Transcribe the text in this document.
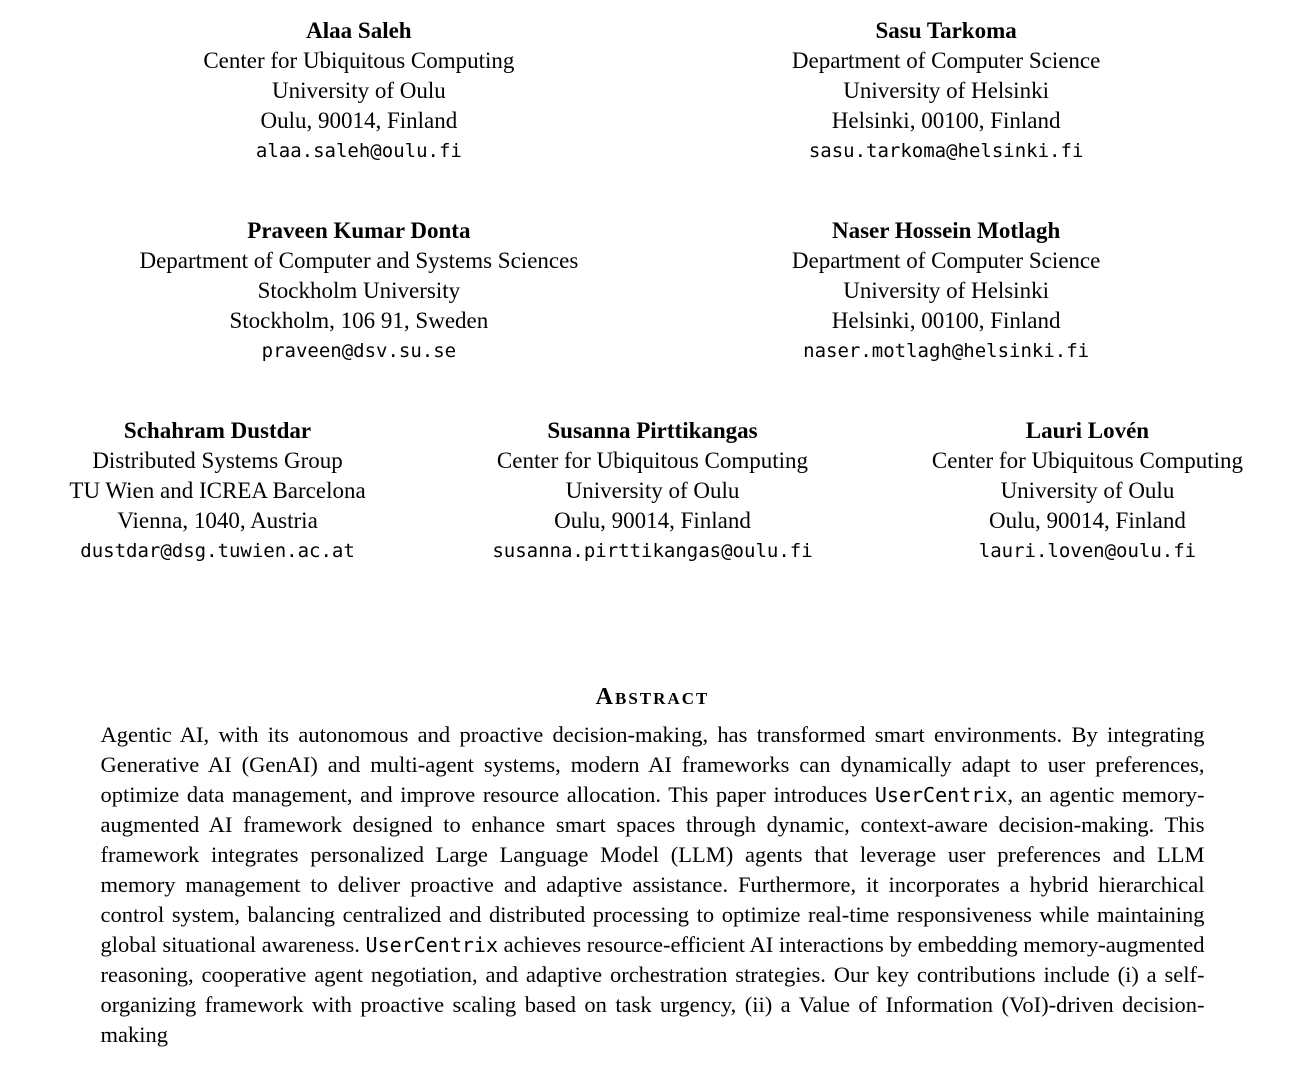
Alaa Saleh
Center for Ubiquitous Computing
University of Oulu
Oulu, 90014, Finland
alaa.saleh@oulu.fi
Sasu Tarkoma
Department of Computer Science
University of Helsinki
Helsinki, 00100, Finland
sasu.tarkoma@helsinki.fi
Praveen Kumar Donta
Department of Computer and Systems Sciences
Stockholm University
Stockholm, 106 91, Sweden
praveen@dsv.su.se
Naser Hossein Motlagh
Department of Computer Science
University of Helsinki
Helsinki, 00100, Finland
naser.motlagh@helsinki.fi
Schahram Dustdar
Distributed Systems Group
TU Wien and ICREA Barcelona
Vienna, 1040, Austria
dustdar@dsg.tuwien.ac.at
Susanna Pirttikangas
Center for Ubiquitous Computing
University of Oulu
Oulu, 90014, Finland
susanna.pirttikangas@oulu.fi
Lauri Lovén
Center for Ubiquitous Computing
University of Oulu
Oulu, 90014, Finland
lauri.loven@oulu.fi
Abstract

Agentic AI, with its autonomous and proactive decision-making, has transformed smart environments. By integrating Generative AI (GenAI) and multi-agent systems, modern AI frameworks can dynamically adapt to user preferences, optimize data management, and improve resource allocation. This paper introduces UserCentrix, an agentic memory-augmented AI framework designed to enhance smart spaces through dynamic, context-aware decision-making. This framework integrates personalized Large Language Model (LLM) agents that leverage user preferences and LLM memory management to deliver proactive and adaptive assistance. Furthermore, it incorporates a hybrid hierarchical control system, balancing centralized and distributed processing to optimize real-time responsiveness while maintaining global situational awareness. UserCentrix achieves resource-efficient AI interactions by embedding memory-augmented reasoning, cooperative agent negotiation, and adaptive orchestration strategies. Our key contributions include (i) a self-organizing framework with proactive scaling based on task urgency, (ii) a Value of Information (VoI)-driven decision-making
